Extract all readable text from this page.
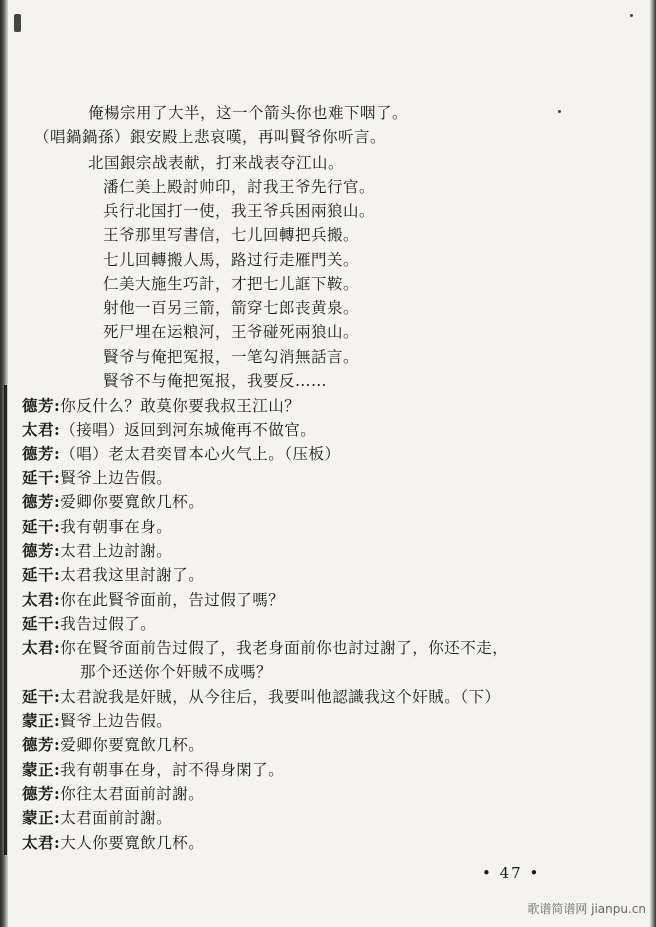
俺楊宗用了大半，这一个箭头你也难下咽了。
（唱鍋鍋孫）銀安殿上悲哀嘆，再叫賢爷你听言。
北国銀宗战表献，打来战表夺江山。
潘仁美上殿討帅印，討我王爷先行官。
兵行北国打一使，我王爷兵困兩狼山。
王爷那里写書信，七儿回轉把兵搬。
七儿回轉搬人馬，路过行走雁門关。
仁美大施生巧計，才把七儿誆下鞍。
射他一百另三箭，箭穿七郎丧黄泉。
死尸埋在运粮河，王爷碰死兩狼山。
賢爷与俺把冤报，一笔勾消無話言。
賢爷不与俺把冤报，我要反……
德芳:你反什么？敢莫你要我叔王江山？
太君:（接唱）返回到河东城俺再不做官。
德芳:（唱）老太君奕冒本心火气上。（压板）
延干:賢爷上边告假。
德芳:爱卿你要寬飲几杯。
延干:我有朝事在身。
德芳:太君上边討謝。
延干:太君我这里討謝了。
太君:你在此賢爷面前，告过假了嗎？
延干:我告过假了。
太君:你在賢爷面前告过假了，我老身面前你也討过謝了，你还不走，
那个还送你个奸賊不成嗎？
延干:太君說我是奸賊，从今往后，我要叫他認識我这个奸賊。（下）
蒙正:賢爷上边告假。
德芳:爱卿你要寬飲几杯。
蒙正:我有朝事在身，討不得身閑了。
德芳:你往太君面前討謝。
蒙正:太君面前討謝。
太君:大人你要寬飲几杯。
• 47 •
歌谱简谱网 jianpu.cn
